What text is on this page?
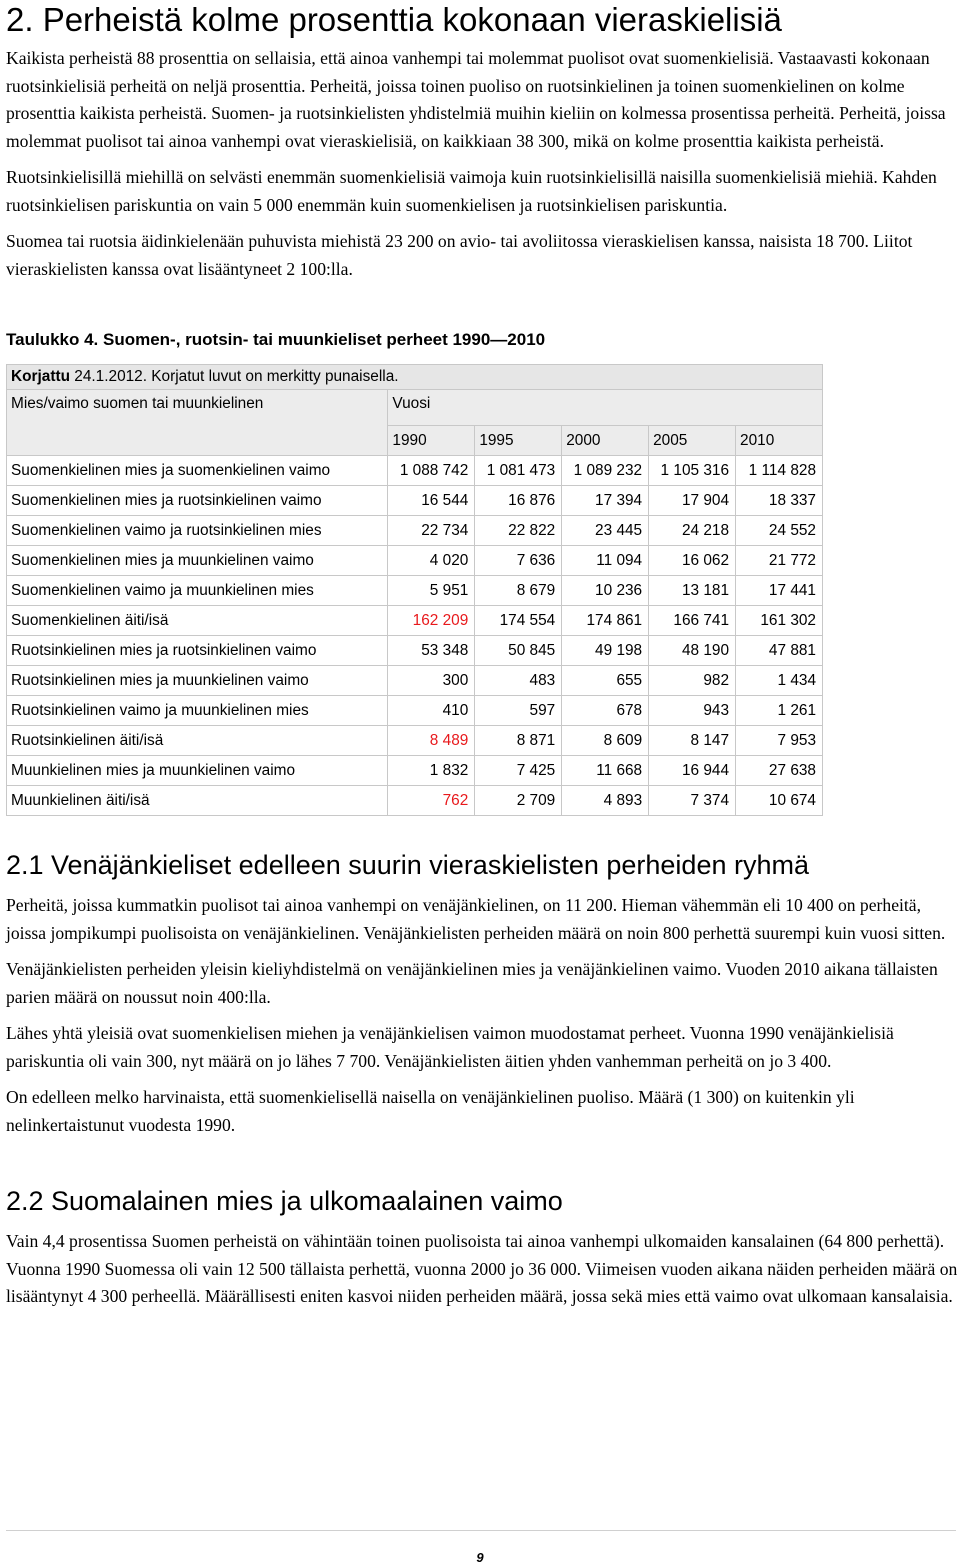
2. Perheistä kolme prosenttia kokonaan vieraskielisiä

Kaikista perheistä 88 prosenttia on sellaisia, että ainoa vanhempi tai molemmat puolisot ovat suomenkielisiä. Vastaavasti kokonaan ruotsinkielisiä perheitä on neljä prosenttia. Perheitä, joissa toinen puoliso on ruotsinkielinen ja toinen suomenkielinen on kolme prosenttia kaikista perheistä. Suomen- ja ruotsinkielisten yhdistelmiä muihin kieliin on kolmessa prosentissa perheitä. Perheitä, joissa molemmat puolisot tai ainoa vanhempi ovat vieraskielisiä, on kaikkiaan 38 300, mikä on kolme prosenttia kaikista perheistä.

Ruotsinkielisillä miehillä on selvästi enemmän suomenkielisiä vaimoja kuin ruotsinkielisillä naisilla suomenkielisiä miehiä. Kahden ruotsinkielisen pariskuntia on vain 5 000 enemmän kuin suomenkielisen ja ruotsinkielisen pariskuntia.

Suomea tai ruotsia äidinkielenään puhuvista miehistä 23 200 on avio- tai avoliitossa vieraskielisen kanssa, naisista 18 700. Liitot vieraskielisten kanssa ovat lisääntyneet 2 100:lla.

Taulukko 4. Suomen-, ruotsin- tai muunkieliset perheet 1990—2010
Korjattu 24.1.2012. Korjatut luvut on merkitty punaisella.					
Mies/vaimo suomen tai muunkielinen	Vuosi				
	1990	1995	2000	2005	2010
Suomenkielinen mies ja suomenkielinen vaimo	1 088 742	1 081 473	1 089 232	1 105 316	1 114 828
Suomenkielinen mies ja ruotsinkielinen vaimo	16 544	16 876	17 394	17 904	18 337
Suomenkielinen vaimo ja ruotsinkielinen mies	22 734	22 822	23 445	24 218	24 552
Suomenkielinen mies ja muunkielinen vaimo	4 020	7 636	11 094	16 062	21 772
Suomenkielinen vaimo ja muunkielinen mies	5 951	8 679	10 236	13 181	17 441
Suomenkielinen äiti/isä	162 209	174 554	174 861	166 741	161 302
Ruotsinkielinen mies ja ruotsinkielinen vaimo	53 348	50 845	49 198	48 190	47 881
Ruotsinkielinen mies ja muunkielinen vaimo	300	483	655	982	1 434
Ruotsinkielinen vaimo ja muunkielinen mies	410	597	678	943	1 261
Ruotsinkielinen äiti/isä	8 489	8 871	8 609	8 147	7 953
Muunkielinen mies ja muunkielinen vaimo	1 832	7 425	11 668	16 944	27 638
Muunkielinen äiti/isä	762	2 709	4 893	7 374	10 674
2.1 Venäjänkieliset edelleen suurin vieraskielisten perheiden ryhmä

Perheitä, joissa kummatkin puolisot tai ainoa vanhempi on venäjänkielinen, on 11 200. Hieman vähemmän eli 10 400 on perheitä, joissa jompikumpi puolisoista on venäjänkielinen. Venäjänkielisten perheiden määrä on noin 800 perhettä suurempi kuin vuosi sitten.

Venäjänkielisten perheiden yleisin kieliyhdistelmä on venäjänkielinen mies ja venäjänkielinen vaimo. Vuoden 2010 aikana tällaisten parien määrä on noussut noin 400:lla.

Lähes yhtä yleisiä ovat suomenkielisen miehen ja venäjänkielisen vaimon muodostamat perheet. Vuonna 1990 venäjänkielisiä pariskuntia oli vain 300, nyt määrä on jo lähes 7 700. Venäjänkielisten äitien yhden vanhemman perheitä on jo 3 400.

On edelleen melko harvinaista, että suomenkielisellä naisella on venäjänkielinen puoliso. Määrä (1 300) on kuitenkin yli nelinkertaistunut vuodesta 1990.

2.2 Suomalainen mies ja ulkomaalainen vaimo

Vain 4,4 prosentissa Suomen perheistä on vähintään toinen puolisoista tai ainoa vanhempi ulkomaiden kansalainen (64 800 perhettä). Vuonna 1990 Suomessa oli vain 12 500 tällaista perhettä, vuonna 2000 jo 36 000. Viimeisen vuoden aikana näiden perheiden määrä on lisääntynyt 4 300 perheellä. Määrällisesti eniten kasvoi niiden perheiden määrä, jossa sekä mies että vaimo ovat ulkomaan kansalaisia.

9
